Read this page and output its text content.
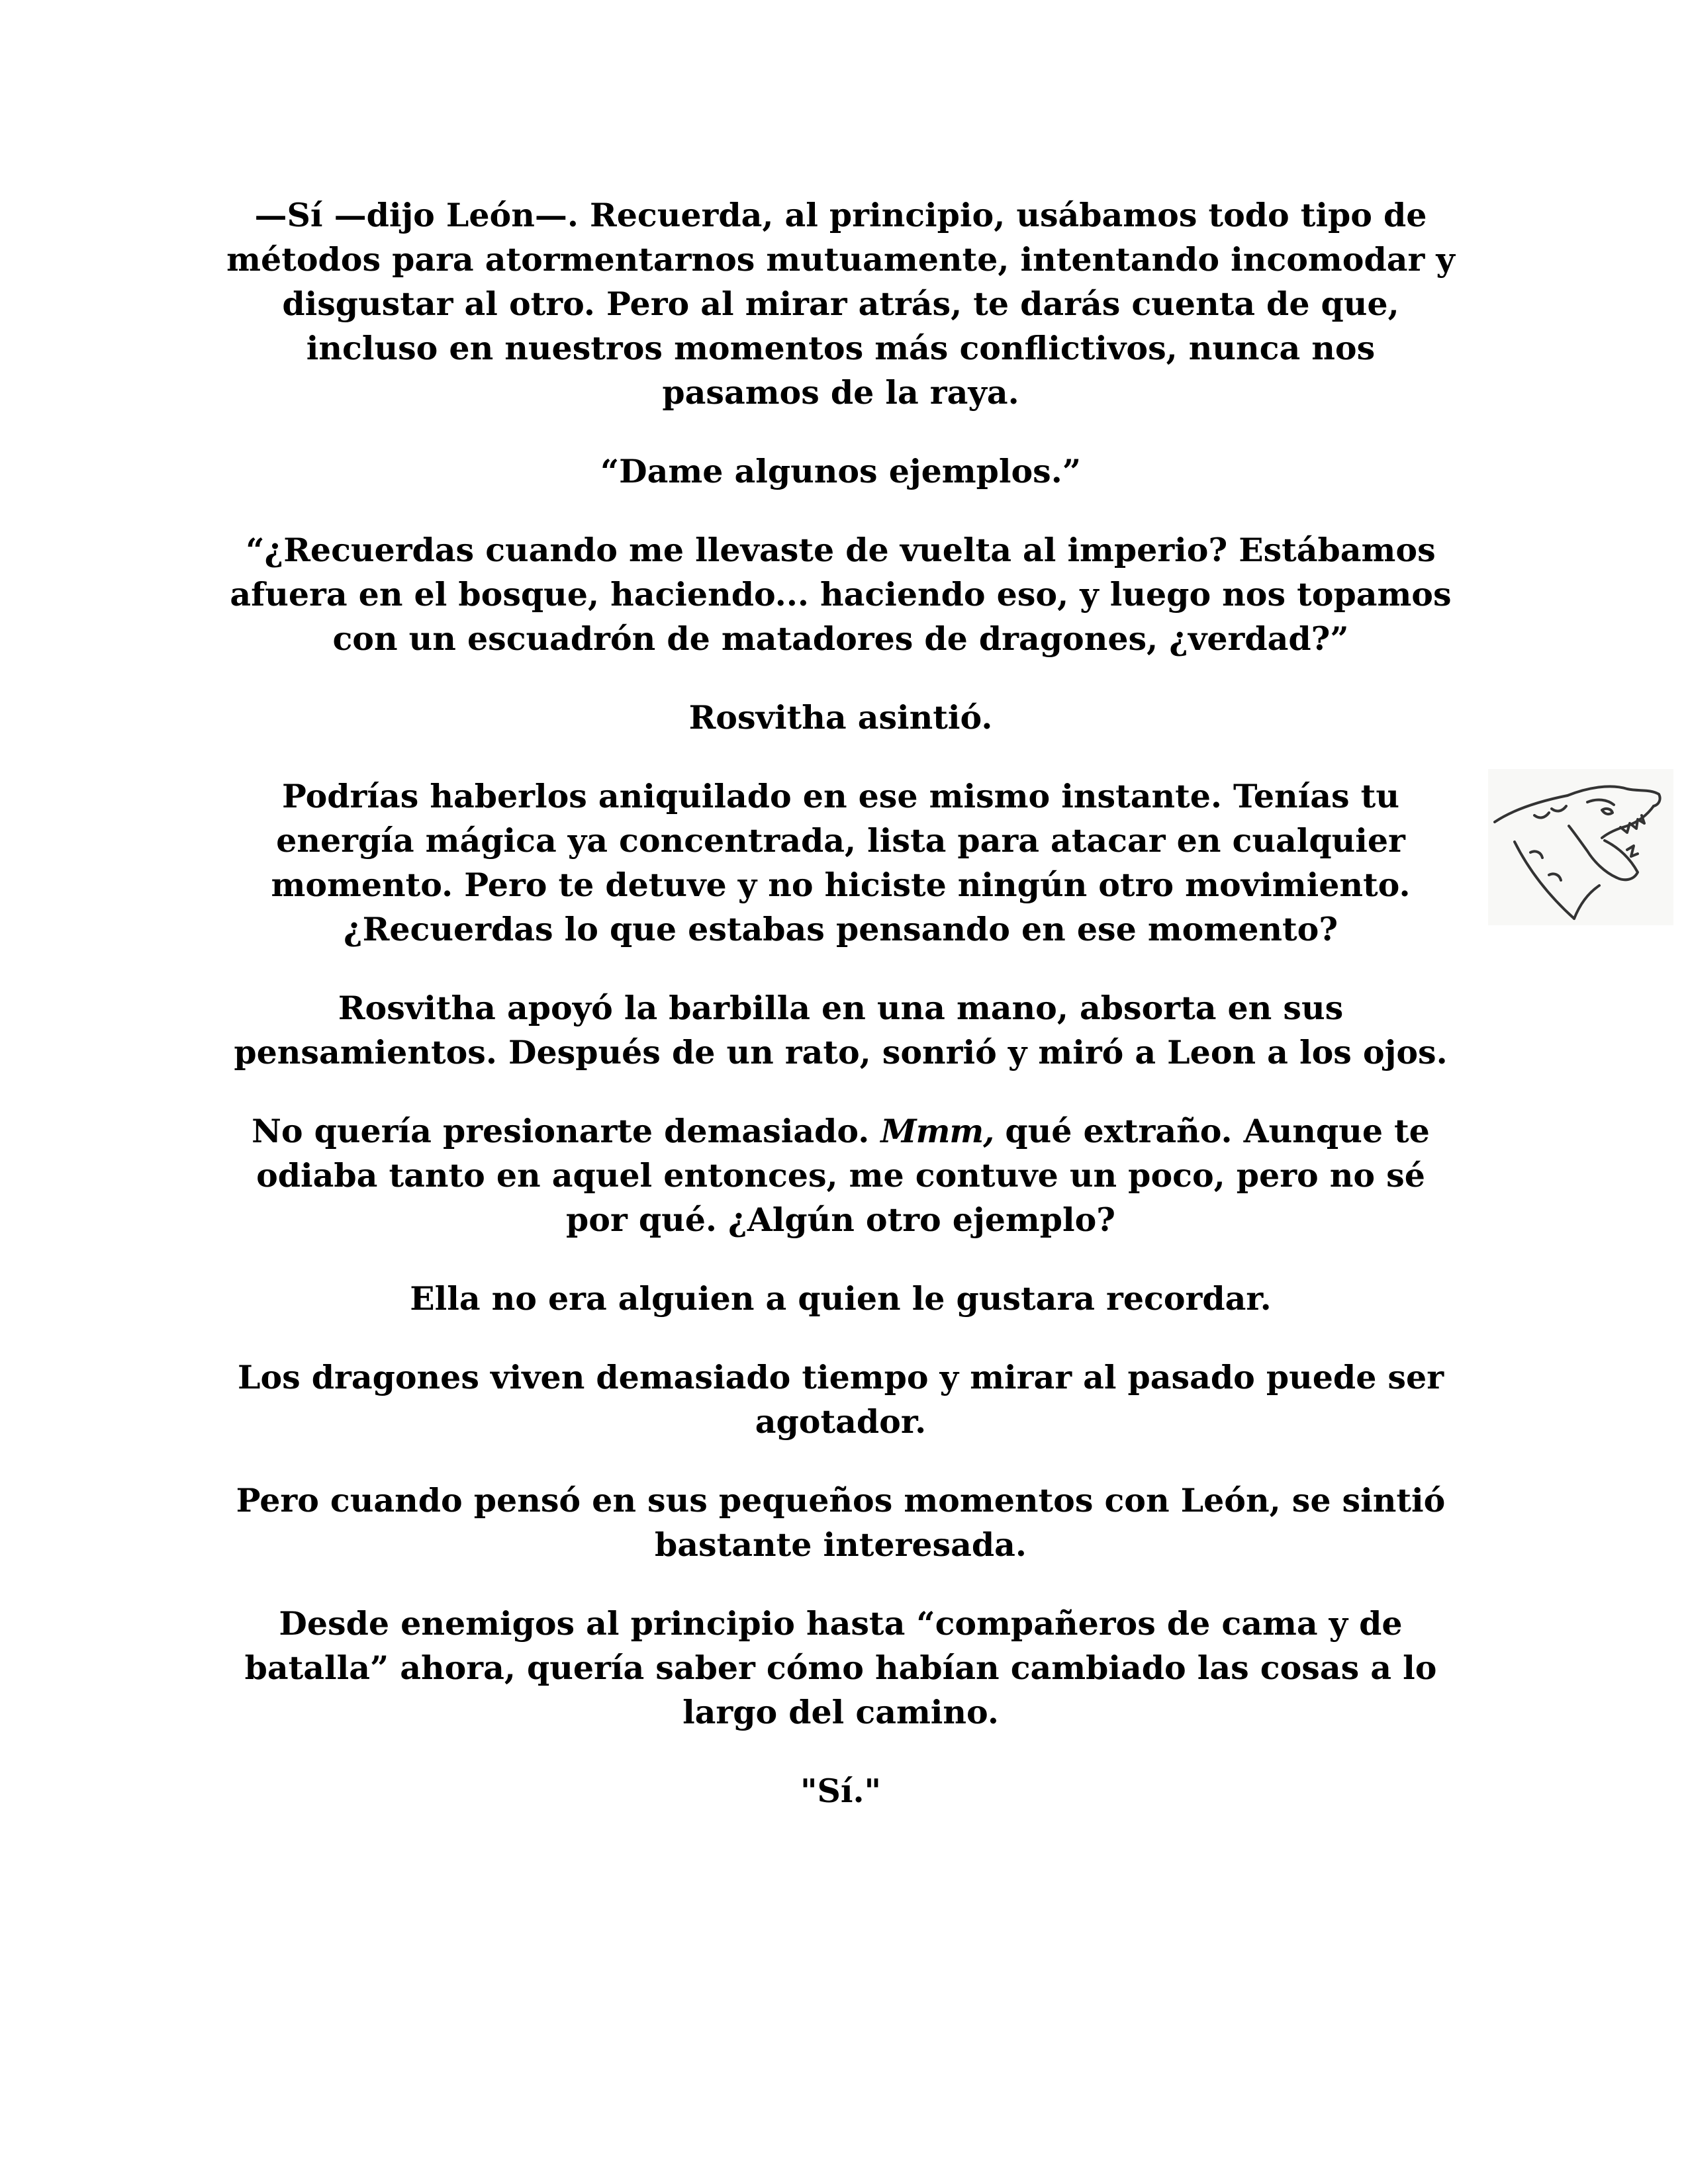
—Sí —dijo León—. Recuerda, al principio, usábamos todo tipo de métodos para atormentarnos mutuamente, intentando incomodar y disgustar al otro. Pero al mirar atrás, te darás cuenta de que, incluso en nuestros momentos más conflictivos, nunca nos pasamos de la raya.

“Dame algunos ejemplos.”

“¿Recuerdas cuando me llevaste de vuelta al imperio? Estábamos afuera en el bosque, haciendo... haciendo eso, y luego nos topamos con un escuadrón de matadores de dragones, ¿verdad?”

Rosvitha asintió.

Podrías haberlos aniquilado en ese mismo instante. Tenías tu energía mágica ya concentrada, lista para atacar en cualquier momento. Pero te detuve y no hiciste ningún otro movimiento. ¿Recuerdas lo que estabas pensando en ese momento?

Rosvitha apoyó la barbilla en una mano, absorta en sus pensamientos. Después de un rato, sonrió y miró a Leon a los ojos.

No quería presionarte demasiado. Mmm, qué extraño. Aunque te odiaba tanto en aquel entonces, me contuve un poco, pero no sé por qué. ¿Algún otro ejemplo?

Ella no era alguien a quien le gustara recordar.

Los dragones viven demasiado tiempo y mirar al pasado puede ser agotador.

Pero cuando pensó en sus pequeños momentos con León, se sintió bastante interesada.

Desde enemigos al principio hasta “compañeros de cama y de batalla” ahora, quería saber cómo habían cambiado las cosas a lo largo del camino.

"Sí."
